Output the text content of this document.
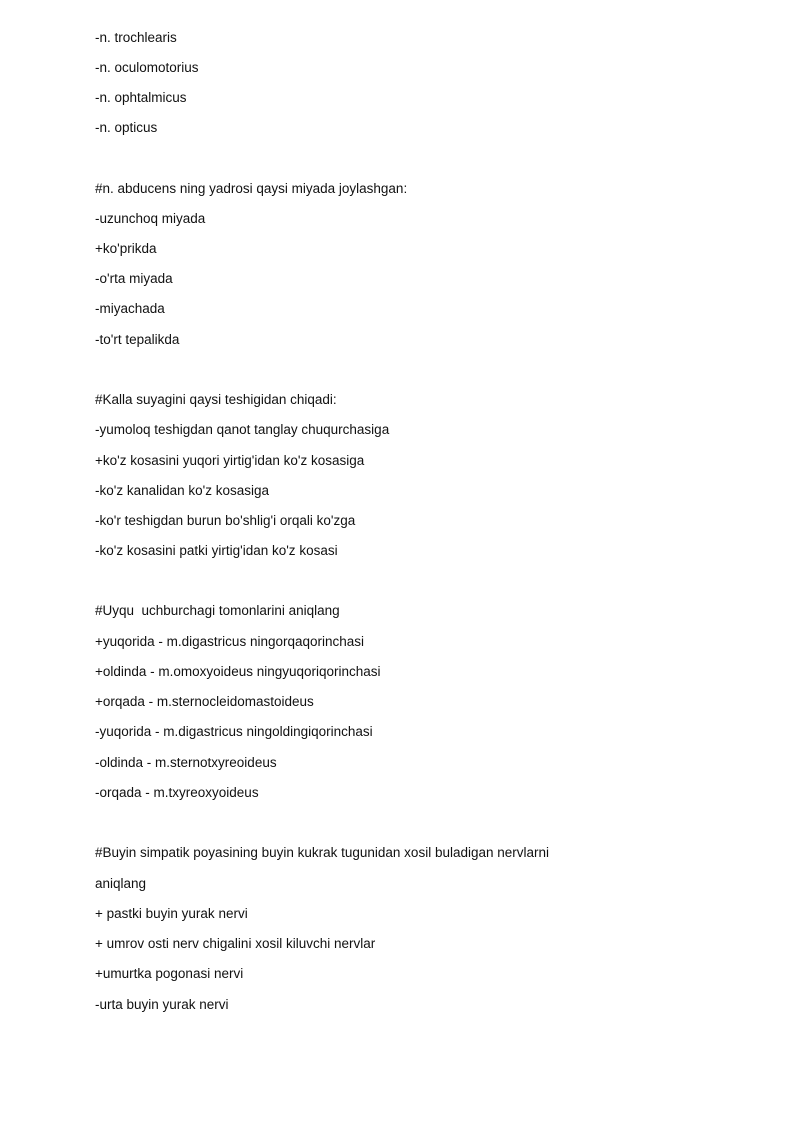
-n. trochlearis
-n. oculomotorius
-n. ophtalmicus
-n. opticus
#n. abducens ning yadrosi qaysi miyada joylashgan:
-uzunchoq miyada
+ko'prikda
-o'rta miyada
-miyachada
-to'rt tepalikda
#Kalla suyagini qaysi teshigidan chiqadi:
-yumoloq teshigdan qanot tanglay chuqurchasiga
+ko'z kosasini yuqori yirtig'idan ko'z kosasiga
-ko'z kanalidan ko'z kosasiga
-ko'r teshigdan burun bo'shlig'i orqali ko'zga
-ko'z kosasini patki yirtig'idan ko'z kosasi
#Uyqu  uchburchagi tomonlarini aniqlang
+yuqorida - m.digastricus ningorqaqorinchasi
+oldinda - m.omoxyoideus ningyuqoriqorinchasi
+orqada - m.sternocleidomastoideus
-yuqorida - m.digastricus ningoldingiqorinchasi
-oldinda - m.sternotxyreoideus
-orqada - m.txyreoxyoideus
#Buyin simpatik poyasining buyin kukrak tugunidan xosil buladigan nervlarni
aniqlang
+ pastki buyin yurak nervi
+ umrov osti nerv chigalini xosil kiluvchi nervlar
+umurtka pogonasi nervi
-urta buyin yurak nervi
